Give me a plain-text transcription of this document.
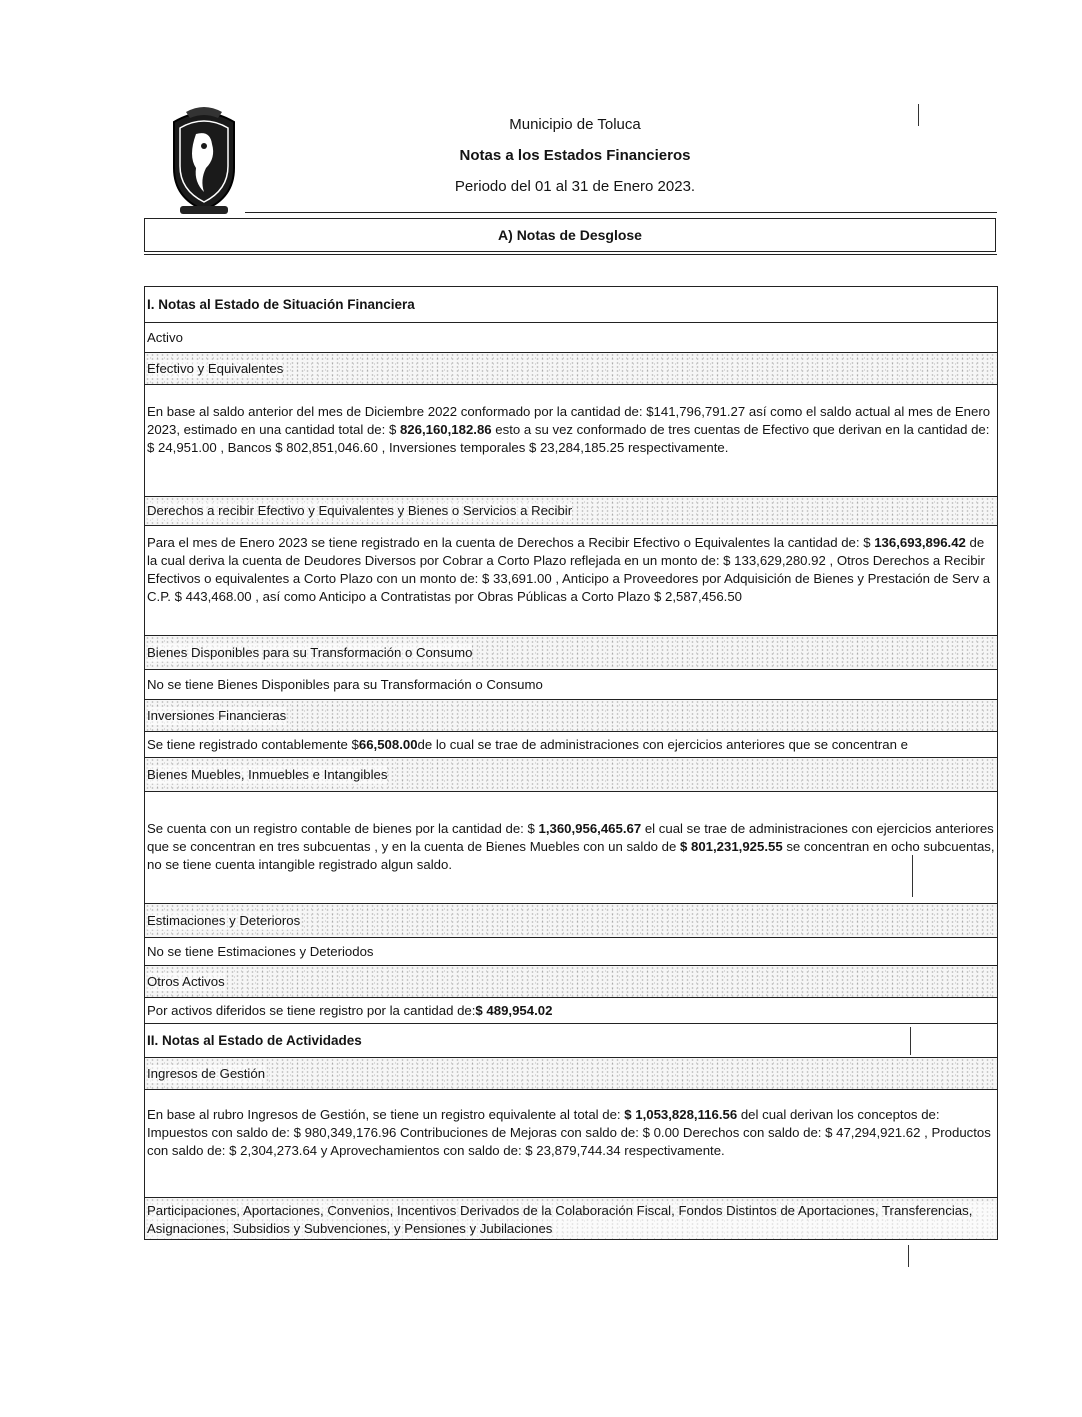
Municipio de Toluca
Notas a los Estados Financieros
Periodo del 01 al 31 de Enero 2023.
A) Notas de Desglose
I. Notas al Estado de Situación Financiera
Activo
Efectivo y Equivalentes
En base al saldo anterior del mes de Diciembre 2022 conformado por la cantidad de: $141,796,791.27 así como el saldo actual al mes de Enero 2023, estimado en una cantidad total de: $ 826,160,182.86 esto a su vez conformado de tres cuentas de Efectivo que derivan en la cantidad de: $ 24,951.00 , Bancos $ 802,851,046.60 , Inversiones temporales $ 23,284,185.25 respectivamente.
Derechos a recibir Efectivo y Equivalentes y Bienes o Servicios a Recibir
Para el mes de Enero 2023 se tiene registrado en la cuenta de Derechos a Recibir Efectivo o Equivalentes la cantidad de: $ 136,693,896.42 de la cual deriva la cuenta de Deudores Diversos por Cobrar a Corto Plazo reflejada en un monto de: $ 133,629,280.92 , Otros Derechos a Recibir Efectivos o equivalentes a Corto Plazo con un monto de: $ 33,691.00 , Anticipo a Proveedores por Adquisición de Bienes y Prestación de Serv a C.P. $ 443,468.00 , así como Anticipo a Contratistas por Obras Públicas a Corto Plazo $ 2,587,456.50
Bienes Disponibles para su Transformación o Consumo
No se tiene Bienes Disponibles para su Transformación o Consumo
Inversiones Financieras
Se tiene registrado contablemente $ 66,508.00 de lo cual se trae de administraciones con ejercicios anteriores que se concentran e
Bienes Muebles, Inmuebles e Intangibles
Se cuenta con un registro contable de bienes por la cantidad de: $ 1,360,956,465.67 el cual se trae de administraciones con ejercicios anteriores que se concentran en tres subcuentas , y en la cuenta de Bienes Muebles con un saldo de $ 801,231,925.55 se concentran en ocho subcuentas, no se tiene cuenta intangible registrado algun saldo.
Estimaciones y Deterioros
No se tiene Estimaciones y Deteriodos
Otros Activos
Por activos diferidos se tiene registro por la cantidad de: $ 489,954.02
II. Notas al Estado de Actividades
Ingresos de Gestión
En base al rubro Ingresos de Gestión, se tiene un registro equivalente al total de: $ 1,053,828,116.56 del cual derivan los conceptos de: Impuestos con saldo de: $ 980,349,176.96 Contribuciones de Mejoras con saldo de: $ 0.00 Derechos con saldo de: $ 47,294,921.62 , Productos con saldo de: $ 2,304,273.64 y Aprovechamientos con saldo de: $ 23,879,744.34 respectivamente.
Participaciones, Aportaciones, Convenios, Incentivos Derivados de la Colaboración Fiscal, Fondos Distintos de Aportaciones, Transferencias, Asignaciones, Subsidios y Subvenciones, y Pensiones y Jubilaciones
